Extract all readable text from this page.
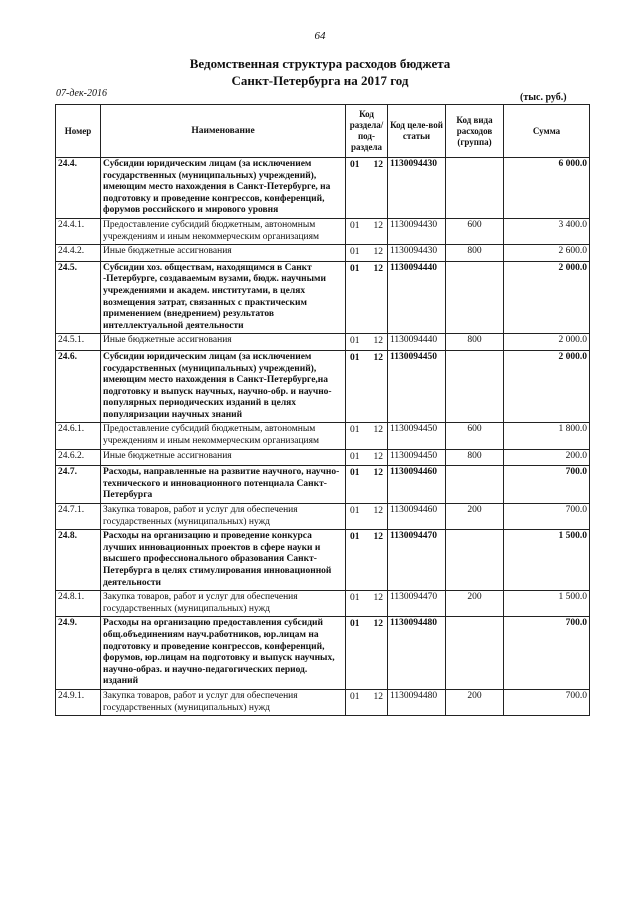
64
Ведомственная структура расходов бюджета
Санкт-Петербурга на 2017 год
07-дек-2016	(тыс. руб.)
Номер	Наименование	Код раздела/ под-раздела	Код целе-вой статьи	Код вида расходов (группа)	Сумма
24.4.	Субсидии юридическим лицам (за исключением государственных (муниципальных) учреждений), имеющим место нахождения в Санкт-Петербурге, на подготовку и проведение конгрессов, конференций, форумов российского и мирового уровня	01 12	1130094430		6 000.0
24.4.1.	Предоставление субсидий бюджетным, автономным учреждениям и иным некоммерческим организациям	01 12	1130094430	600	3 400.0
24.4.2.	Иные бюджетные ассигнования	01 12	1130094430	800	2 600.0
24.5.	Субсидии хоз. обществам, находящимся в Санкт -Петербурге, создаваемым вузами, бюдж. научными учреждениями и академ. институтами, в целях возмещения затрат, связанных с практическим применением (внедрением) результатов интеллектуальной деятельности	01 12	1130094440		2 000.0
24.5.1.	Иные бюджетные ассигнования	01 12	1130094440	800	2 000.0
24.6.	Субсидии юридическим лицам (за исключением государственных (муниципальных) учреждений), имеющим место нахождения в Санкт-Петербурге,на подготовку и выпуск научных, научно-обр. и научно-популярных периодических изданий в целях популяризации научных знаний	01 12	1130094450		2 000.0
24.6.1.	Предоставление субсидий бюджетным, автономным учреждениям и иным некоммерческим организациям	01 12	1130094450	600	1 800.0
24.6.2.	Иные бюджетные ассигнования	01 12	1130094450	800	200.0
24.7.	Расходы, направленные на развитие научного, научно-технического и инновационного потенциала Санкт-Петербурга	01 12	1130094460		700.0
24.7.1.	Закупка товаров, работ и услуг для обеспечения государственных (муниципальных) нужд	01 12	1130094460	200	700.0
24.8.	Расходы на организацию и проведение конкурса лучших инновационных проектов в сфере науки и высшего профессионального образования Санкт-Петербурга в целях стимулирования инновационной деятельности	01 12	1130094470		1 500.0
24.8.1.	Закупка товаров, работ и услуг для обеспечения государственных (муниципальных) нужд	01 12	1130094470	200	1 500.0
24.9.	Расходы на организацию предоставления субсидий общ.объединениям науч.работников, юр.лицам на подготовку и проведение конгрессов, конференций, форумов, юр.лицам на подготовку и выпуск научных, научно-образ. и научно-педагогических период. изданий	01 12	1130094480		700.0
24.9.1.	Закупка товаров, работ и услуг для обеспечения государственных (муниципальных) нужд	01 12	1130094480	200	700.0
